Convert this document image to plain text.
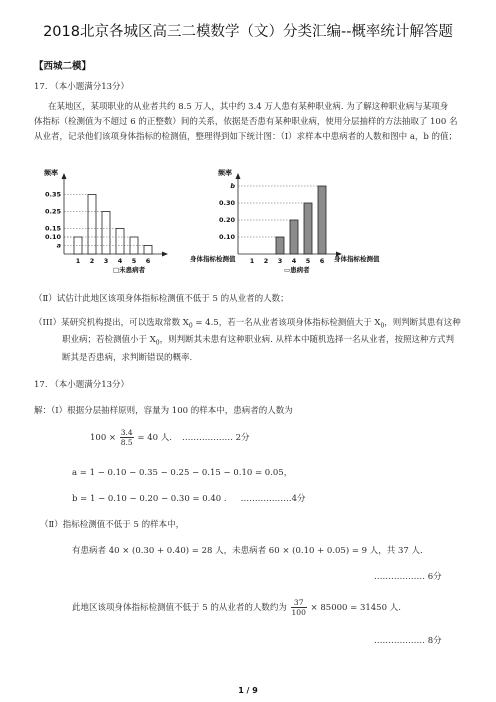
2018北京各城区高三二模数学（文）分类汇编--概率统计解答题
【西城二模】
17. （本小题满分13分）
在某地区，某项职业的从业者共约 8.5 万人，其中约 3.4 万人患有某种职业病. 为了解这种职业病与某项身
体指标（检测值为不超过 6 的正整数）间的关系，依据是否患有某种职业病，使用分层抽样的方法抽取了 100 名
从业者，记录他们该项身体指标的检测值，整理得到如下统计图：（Ⅰ）求样本中患病者的人数和图中 a，b 的值；
频率
身体指标检测值
□未患病者
1 2 3 4 5 6
0.35
0.25
0.15
0.10
a
频率
身体指标检测值
▭患病者
1 2 3 4 5 6
b
0.30
0.20
0.10
（Ⅱ）试估计此地区该项身体指标检测值不低于 5 的从业者的人数；
（III）某研究机构提出，可以选取常数 $X_0 = 4.5$，若一名从业者该项身体指标检测值大于 $X_0$，则判断其患有这种
职业病；若检测值小于 $X_0$，则判断其未患有这种职业病. 从样本中随机选择一名从业者，按照这种方式判
断其是否患病，求判断错误的概率.
17. （本小题满分13分）
解：（Ⅰ）根据分层抽样原则，容量为 100 的样本中，患病者的人数为
$100 \times \frac{3.4}{8.5} = 40$ 人. ……………… 2分
a = 1 − 0.10 − 0.35 − 0.25 − 0.15 − 0.10 = 0.05，
b = 1 − 0.10 − 0.20 − 0.30 = 0.40 . ………………4分
（Ⅱ）指标检测值不低于 5 的样本中，
有患病者 40 × (0.30 + 0.40) = 28 人，未患病者 60 × (0.10 + 0.05) = 9 人，共 37 人.
……………… 6分
此地区该项身体指标检测值不低于 5 的从业者的人数约为 $\frac{37}{100} \times 85000 = 31450$ 人.
……………… 8分
1 / 9
